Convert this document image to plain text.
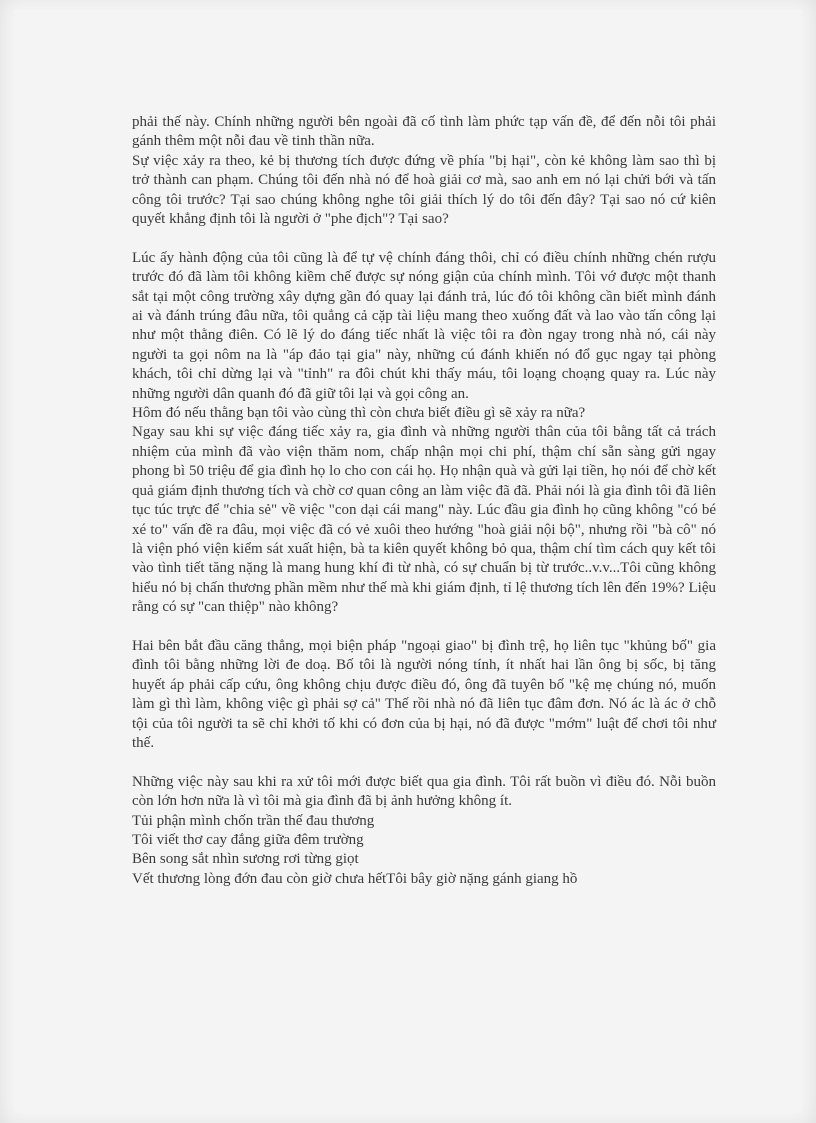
phải thế này. Chính những người bên ngoài đã cố tình làm phức tạp vấn đề, để đến nỗi tôi phải gánh thêm một nỗi đau về tinh thần nữa.

Sự việc xảy ra theo, kẻ bị thương tích được đứng về phía "bị hại", còn kẻ không làm sao thì bị trở thành can phạm. Chúng tôi đến nhà nó để hoà giải cơ mà, sao anh em nó lại chửi bới và tấn công tôi trước? Tại sao chúng không nghe tôi giải thích lý do tôi đến đây? Tại sao nó cứ kiên quyết khẳng định tôi là người ở "phe địch"? Tại sao?

Lúc ấy hành động của tôi cũng là để tự vệ chính đáng thôi, chỉ có điều chính những chén rượu trước đó đã làm tôi không kiềm chế được sự nóng giận của chính mình. Tôi vớ được một thanh sắt tại một công trường xây dựng gần đó quay lại đánh trả, lúc đó tôi không cần biết mình đánh ai và đánh trúng đâu nữa, tôi quẳng cả cặp tài liệu mang theo xuống đất và lao vào tấn công lại như một thằng điên. Có lẽ lý do đáng tiếc nhất là việc tôi ra đòn ngay trong nhà nó, cái này người ta gọi nôm na là "áp đảo tại gia" này, những cú đánh khiến nó đổ gục ngay tại phòng khách, tôi chỉ dừng lại và "tỉnh" ra đôi chút khi thấy máu, tôi loạng choạng quay ra. Lúc này những người dân quanh đó đã giữ tôi lại và gọi công an.

Hôm đó nếu thằng bạn tôi vào cùng thì còn chưa biết điều gì sẽ xảy ra nữa?

Ngay sau khi sự việc đáng tiếc xảy ra, gia đình và những người thân của tôi bằng tất cả trách nhiệm của mình đã vào viện thăm nom, chấp nhận mọi chi phí, thậm chí sẵn sàng gửi ngay phong bì 50 triệu để gia đình họ lo cho con cái họ. Họ nhận quà và gửi lại tiền, họ nói để chờ kết quả giám định thương tích và chờ cơ quan công an làm việc đã đã. Phải nói là gia đình tôi đã liên tục túc trực để "chia sẻ" về việc "con dại cái mang" này. Lúc đầu gia đình họ cũng không "có bé xé to" vấn đề ra đâu, mọi việc đã có vẻ xuôi theo hướng "hoà giải nội bộ", nhưng rồi "bà cô" nó là viện phó viện kiểm sát xuất hiện, bà ta kiên quyết không bỏ qua, thậm chí tìm cách quy kết tôi vào tình tiết tăng nặng là mang hung khí đi từ nhà, có sự chuẩn bị từ trước..v.v...Tôi cũng không hiểu nó bị chấn thương phần mềm như thế mà khi giám định, tỉ lệ thương tích lên đến 19%? Liệu rằng có sự "can thiệp" nào không?

Hai bên bắt đầu căng thẳng, mọi biện pháp "ngoại giao" bị đình trệ, họ liên tục "khủng bố" gia đình tôi bằng những lời đe doạ. Bố tôi là người nóng tính, ít nhất hai lần ông bị sốc, bị tăng huyết áp phải cấp cứu, ông không chịu được điều đó, ông đã tuyên bố "kệ mẹ chúng nó, muốn làm gì thì làm, không việc gì phải sợ cả" Thế rồi nhà nó đã liên tục đâm đơn. Nó ác là ác ở chỗ tội của tôi người ta sẽ chỉ khởi tố khi có đơn của bị hại, nó đã được "mớm" luật để chơi tôi như thế.

Những việc này sau khi ra xử tôi mới được biết qua gia đình. Tôi rất buồn vì điều đó. Nỗi buồn còn lớn hơn nữa là vì tôi mà gia đình đã bị ảnh hưởng không ít.

Tủi phận mình chốn trần thế đau thương

Tôi viết thơ cay đắng giữa đêm trường

Bên song sắt nhìn sương rơi từng giọt

Vết thương lòng đớn đau còn giờ chưa hếtTôi bây giờ nặng gánh giang hồ
